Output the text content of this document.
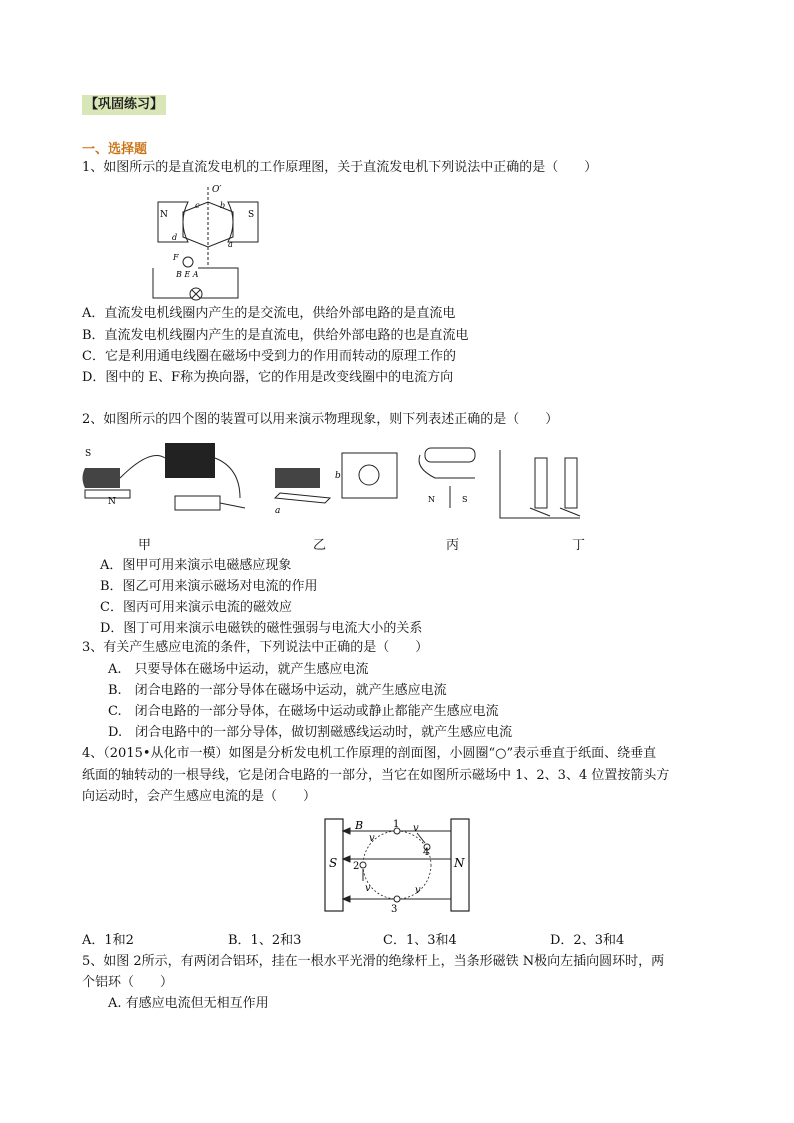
【巩固练习】
一、选择题
1、如图所示的是直流发电机的工作原理图，关于直流发电机下列说法中正确的是（　　）
N	S
O′
c	b
d
a
F
B E A
A．直流发电机线圈内产生的是交流电，供给外部电路的是直流电
B．直流发电机线圈内产生的是直流电，供给外部电路的也是直流电
C．它是利用通电线圈在磁场中受到力的作用而转动的原理工作的
D．图中的 E、F称为换向器，它的作用是改变线圈中的电流方向
2、如图所示的四个图的装置可以用来演示物理现象，则下列表述正确的是（　　）
S
N
a
b
N	S
甲	乙	丙	丁
A．图甲可用来演示电磁感应现象
B．图乙可用来演示磁场对电流的作用
C．图丙可用来演示电流的磁效应
D．图丁可用来演示电磁铁的磁性强弱与电流大小的关系
3、有关产生感应电流的条件，下列说法中正确的是（　　）
A.　只要导体在磁场中运动，就产生感应电流
B.　闭合电路的一部分导体在磁场中运动，就产生感应电流
C.　闭合电路的一部分导体，在磁场中运动或静止都能产生感应电流
D.　闭合电路中的一部分导体，做切割磁感线运动时，就产生感应电流
4、（2015•从化市一模）如图是分析发电机工作原理的剖面图，小圆圈“○”表示垂直于纸面、绕垂直
纸面的轴转动的一根导线，它是闭合电路的一部分，当它在如图所示磁场中 1、2、3、4 位置按箭头方
向运动时，会产生感应电流的是（　　）
S	N
B	1
2
3
4
v
v
v	v
A．1和2	B．1、2和3	C．1、3和4	D．2、3和4
5、如图 2所示，有两闭合铝环，挂在一根水平光滑的绝缘杆上，当条形磁铁 N极向左插向圆环时，两
个铝环（　　）
A. 有感应电流但无相互作用
